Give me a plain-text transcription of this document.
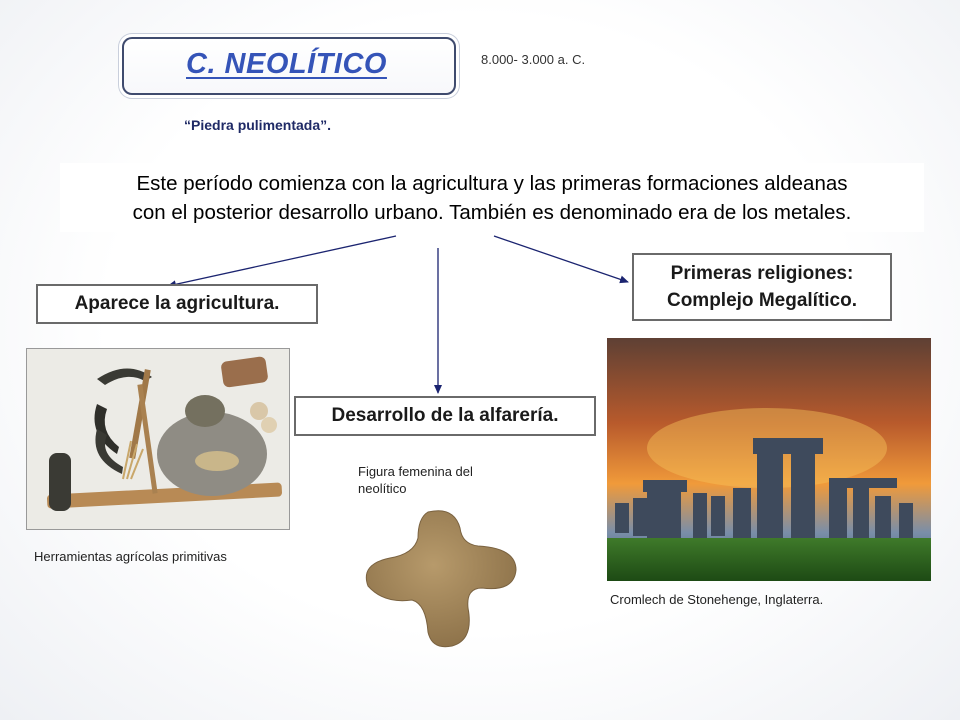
C. NEOLÍTICO	8.000- 3.000 a. C.
“Piedra pulimentada”.
Este período comienza con la agricultura y las primeras formaciones aldeanas
con el posterior desarrollo urbano. También es denominado era de los metales.
Aparece la agricultura.
Desarrollo de la alfarería.
Primeras religiones:
Complejo Megalítico.
Herramientas agrícolas primitivas
Figura femenina del
neolítico
Cromlech de Stonehenge, Inglaterra.
